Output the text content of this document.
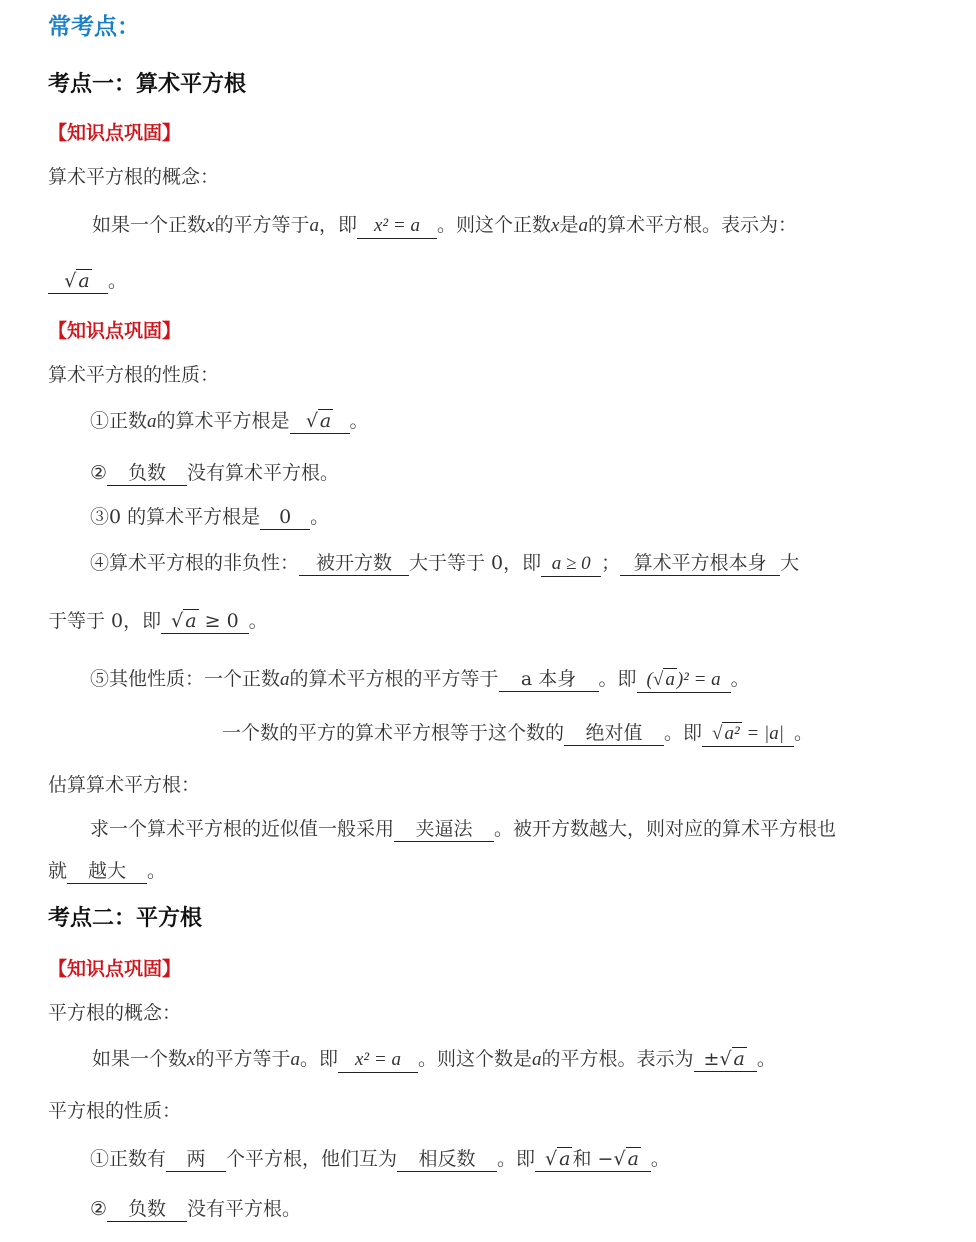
常考点：
考点一：算术平方根
【知识点巩固】
算术平方根的概念：
如果一个正数x的平方等于a，即 x² = a 。则这个正数x是a的算术平方根。表示为：
√ a 。
【知识点巩固】
算术平方根的性质：
①正数a的算术平方根是 √ a 。
② 负数 没有算术平方根。
③0 的算术平方根是 0 。
④算术平方根的非负性： 被开方数 大于等于 0，即 a ≥ 0 ； 算术平方根本身 大
于等于 0，即 √ a ≥ 0 。
⑤其他性质：一个正数a的算术平方根的平方等于 a 本身 。即 (√ a )² = a 。
一个数的平方的算术平方根等于这个数的 绝对值 。即 √ a² = |a| 。
估算算术平方根：
求一个算术平方根的近似值一般采用 夹逼法 。被开方数越大，则对应的算术平方根也
就 越大 。
考点二：平方根
【知识点巩固】
平方根的概念：
如果一个数x的平方等于a。即 x² = a 。则这个数是a的平方根。表示为 ±√ a 。
平方根的性质：
①正数有 两 个平方根，他们互为 相反数 。即 √ a 和 −√ a 。
② 负数 没有平方根。
